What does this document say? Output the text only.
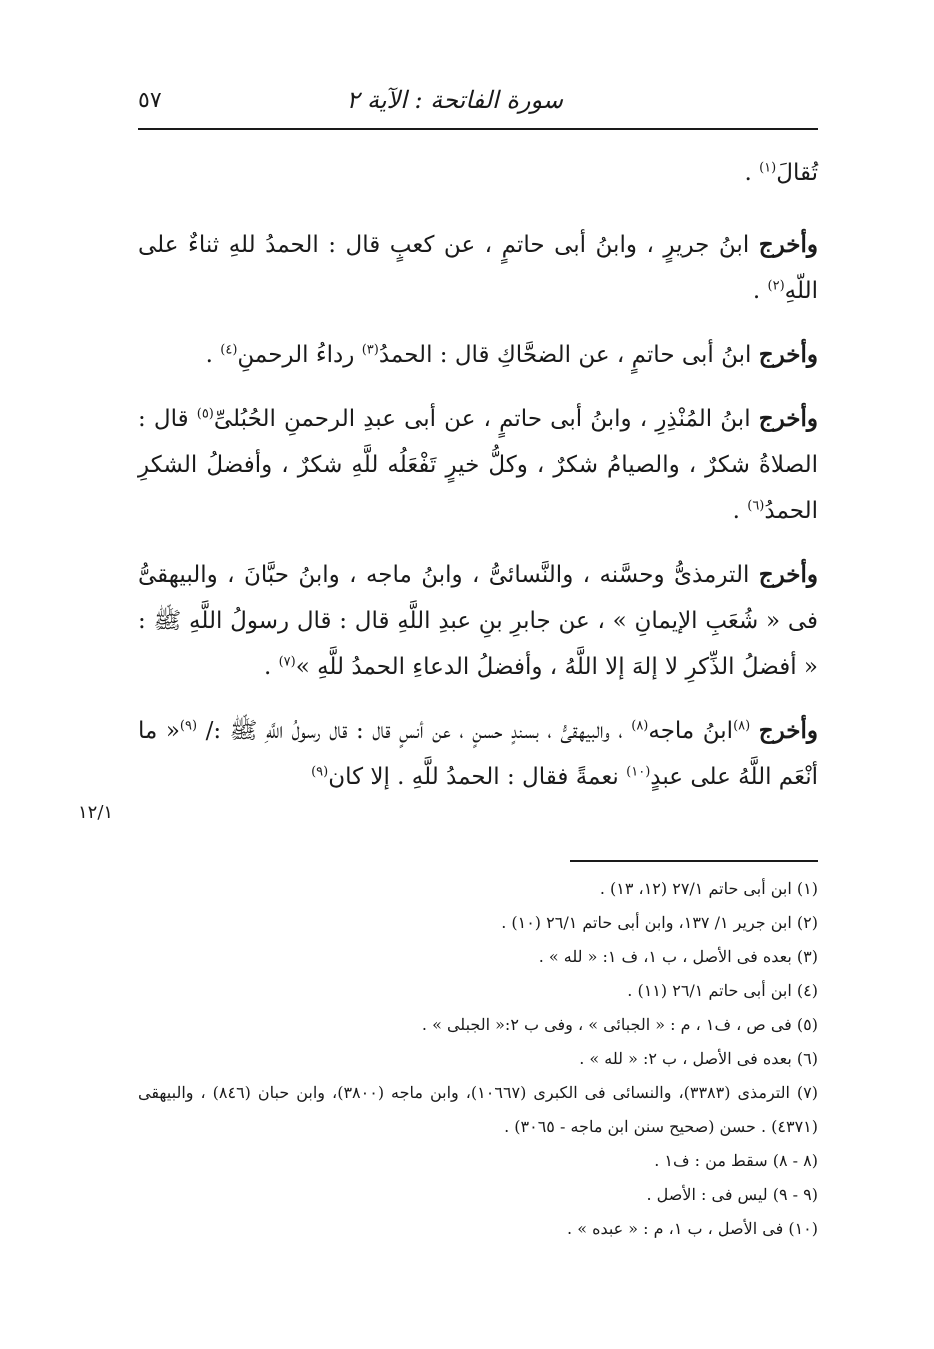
سورة الفاتحة : الآية ٢
٥٧

تُقالَ$^{(١)}$ .

وأخرج ابنُ جريرٍ ، وابنُ أبى حاتمٍ ، عن كعبٍ قال : الحمدُ للهِ ثناءٌ على اللّهِ$^{(٢)}$ .

وأخرج ابنُ أبى حاتمٍ ، عن الضحَّاكِ قال : الحمدُ$^{(٣)}$ رداءُ الرحمنِ$^{(٤)}$ .

وأخرج ابنُ المُنْذِرِ ، وابنُ أبى حاتمٍ ، عن أبى عبدِ الرحمنِ الحُبُلىِّ$^{(٥)}$ قال : الصلاةُ شكرٌ ، والصيامُ شكرٌ ، وكلُّ خيرٍ تَفْعَلُه للَّهِ شكرٌ ، وأفضلُ الشكرِ الحمدُ$^{(٦)}$ .

وأخرج الترمذىُّ وحسَّنه ، والنَّسائىُّ ، وابنُ ماجه ، وابنُ حبَّانَ ، والبيهقىُّ فى « شُعَبِ الإيمانِ » ، عن جابرِ بنِ عبدِ اللَّهِ قال : قال رسولُ اللَّهِ ﷺ : « أفضلُ الذِّكرِ لا إلهَ إلا اللَّهُ ، وأفضلُ الدعاءِ الحمدُ للَّهِ »$^{(٧)}$ .

وأخرج $^{(٨)}$ابنُ ماجه$^{(٨)}$ ، والبيهقىُّ ، بسندٍ حسنٍ ، عن أنسٍ قال : قال رسولُ اللَّهِ ﷺ :/ $^{(٩)}$« ما أنْعَم اللَّهُ على عبدٍ$^{(١٠)}$ نعمةً فقال : الحمدُ للَّهِ . إلا كان$^{(٩)}$

١٢/١

(١) ابن أبى حاتم ٢٧/١ (١٢، ١٣) .

(٢) ابن جرير ١/ ١٣٧، وابن أبى حاتم ٢٦/١ (١٠) .

(٣) بعده فى الأصل ، ب ١، ف ١: « لله » .

(٤) ابن أبى حاتم ٢٦/١ (١١) .

(٥) فى ص ، ف١ ، م : « الجبائى » ، وفى ب ٢:« الجبلى » .

(٦) بعده فى الأصل ، ب ٢: « لله » .

(٧) الترمذى (٣٣٨٣)، والنسائى فى الكبرى (١٠٦٦٧)، وابن ماجه (٣٨٠٠)، وابن حبان (٨٤٦) ، والبيهقى (٤٣٧١) . حسن (صحيح سنن ابن ماجه - ٣٠٦٥) .

(٨ - ٨) سقط من : ف١ .

(٩ - ٩) ليس فى : الأصل .

(١٠) فى الأصل ، ب ١، م : « عبده » .
